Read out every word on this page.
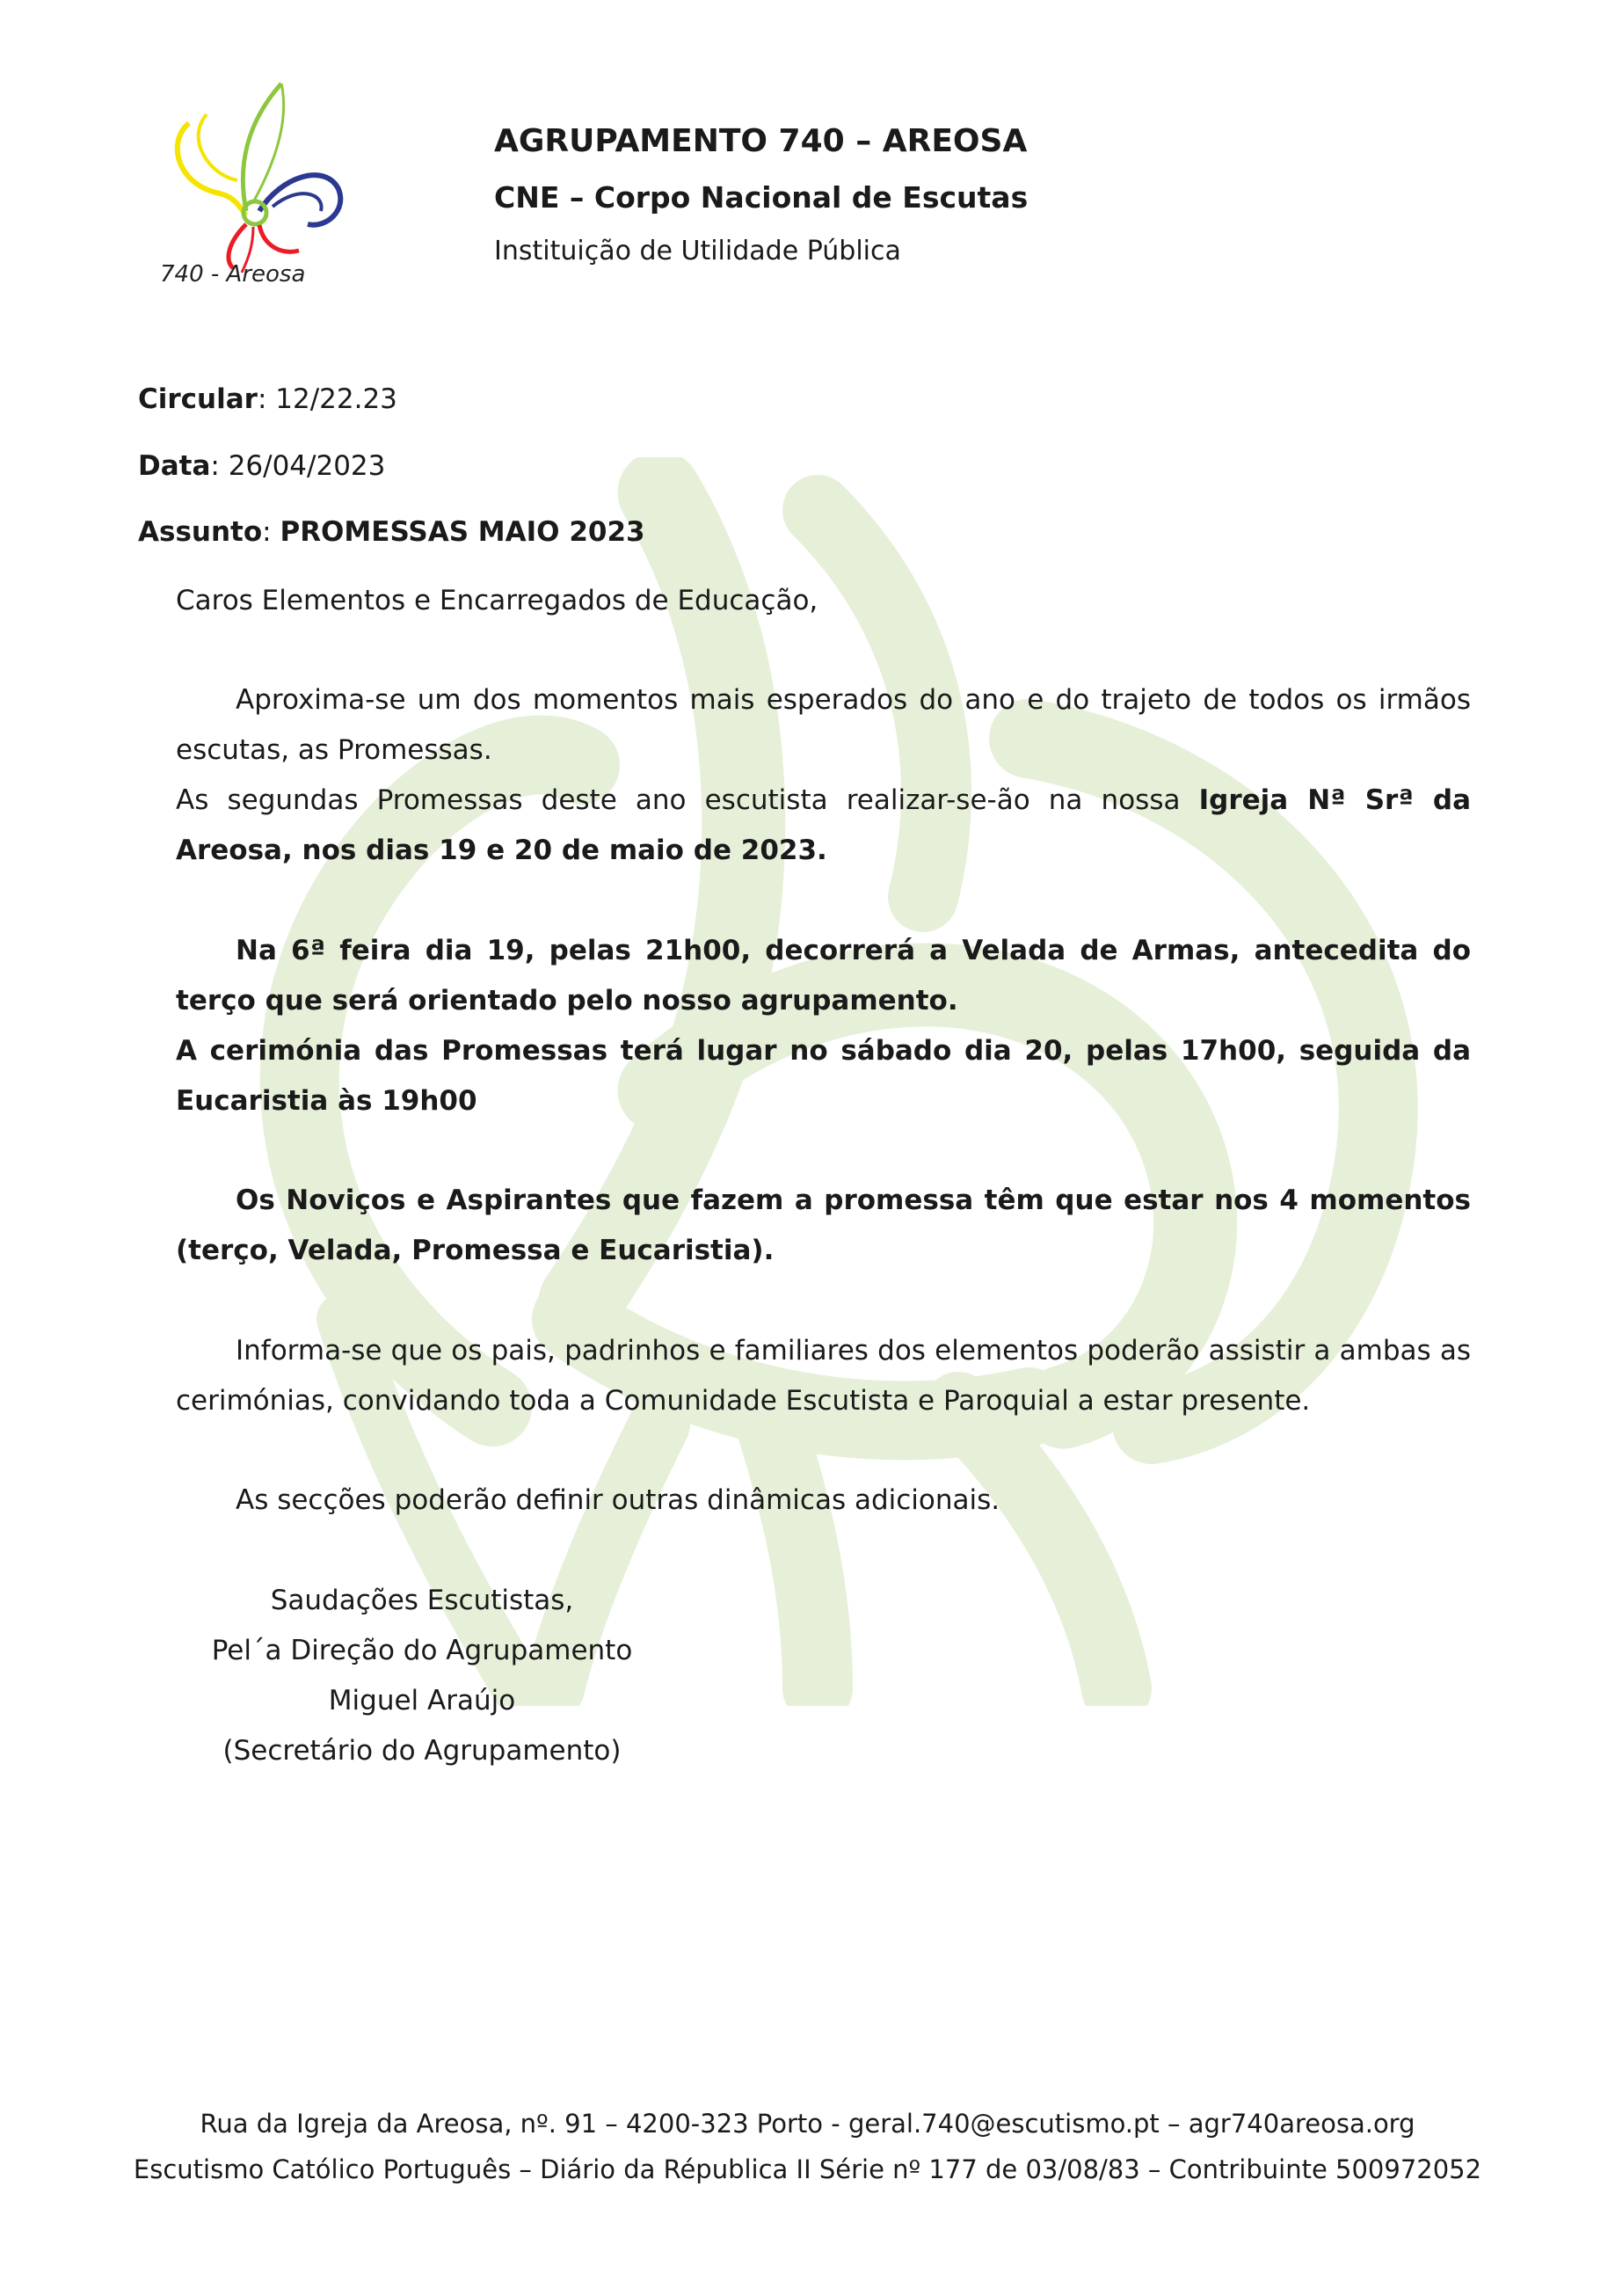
740 - Areosa
AGRUPAMENTO 740 – AREOSA
CNE – Corpo Nacional de Escutas
Instituição de Utilidade Pública
Circular: 12/22.23
Data: 26/04/2023
Assunto: PROMESSAS MAIO 2023
Caros Elementos e Encarregados de Educação,
Aproxima-se um dos momentos mais esperados do ano e do trajeto de todos os irmãos escutas, as Promessas.
As segundas Promessas deste ano escutista realizar-se-ão na nossa Igreja Nª Srª da Areosa, nos dias 19 e 20 de maio de 2023.
Na 6ª feira dia 19, pelas 21h00, decorrerá a Velada de Armas, antecedita do terço que será orientado pelo nosso agrupamento.
A cerimónia das Promessas terá lugar no sábado dia 20, pelas 17h00, seguida da Eucaristia às 19h00
Os Noviços e Aspirantes que fazem a promessa têm que estar nos 4 momentos (terço, Velada, Promessa e Eucaristia).
Informa-se que os pais, padrinhos e familiares dos elementos poderão assistir a ambas as cerimónias, convidando toda a Comunidade Escutista e Paroquial a estar presente.
As secções poderão definir outras dinâmicas adicionais.
Saudações Escutistas,
Pel´a Direção do Agrupamento
Miguel Araújo
(Secretário do Agrupamento)
Rua da Igreja da Areosa, nº. 91 – 4200-323 Porto - geral.740@escutismo.pt – agr740areosa.org
Escutismo Católico Português – Diário da Républica II Série nº 177 de 03/08/83 – Contribuinte 500972052
